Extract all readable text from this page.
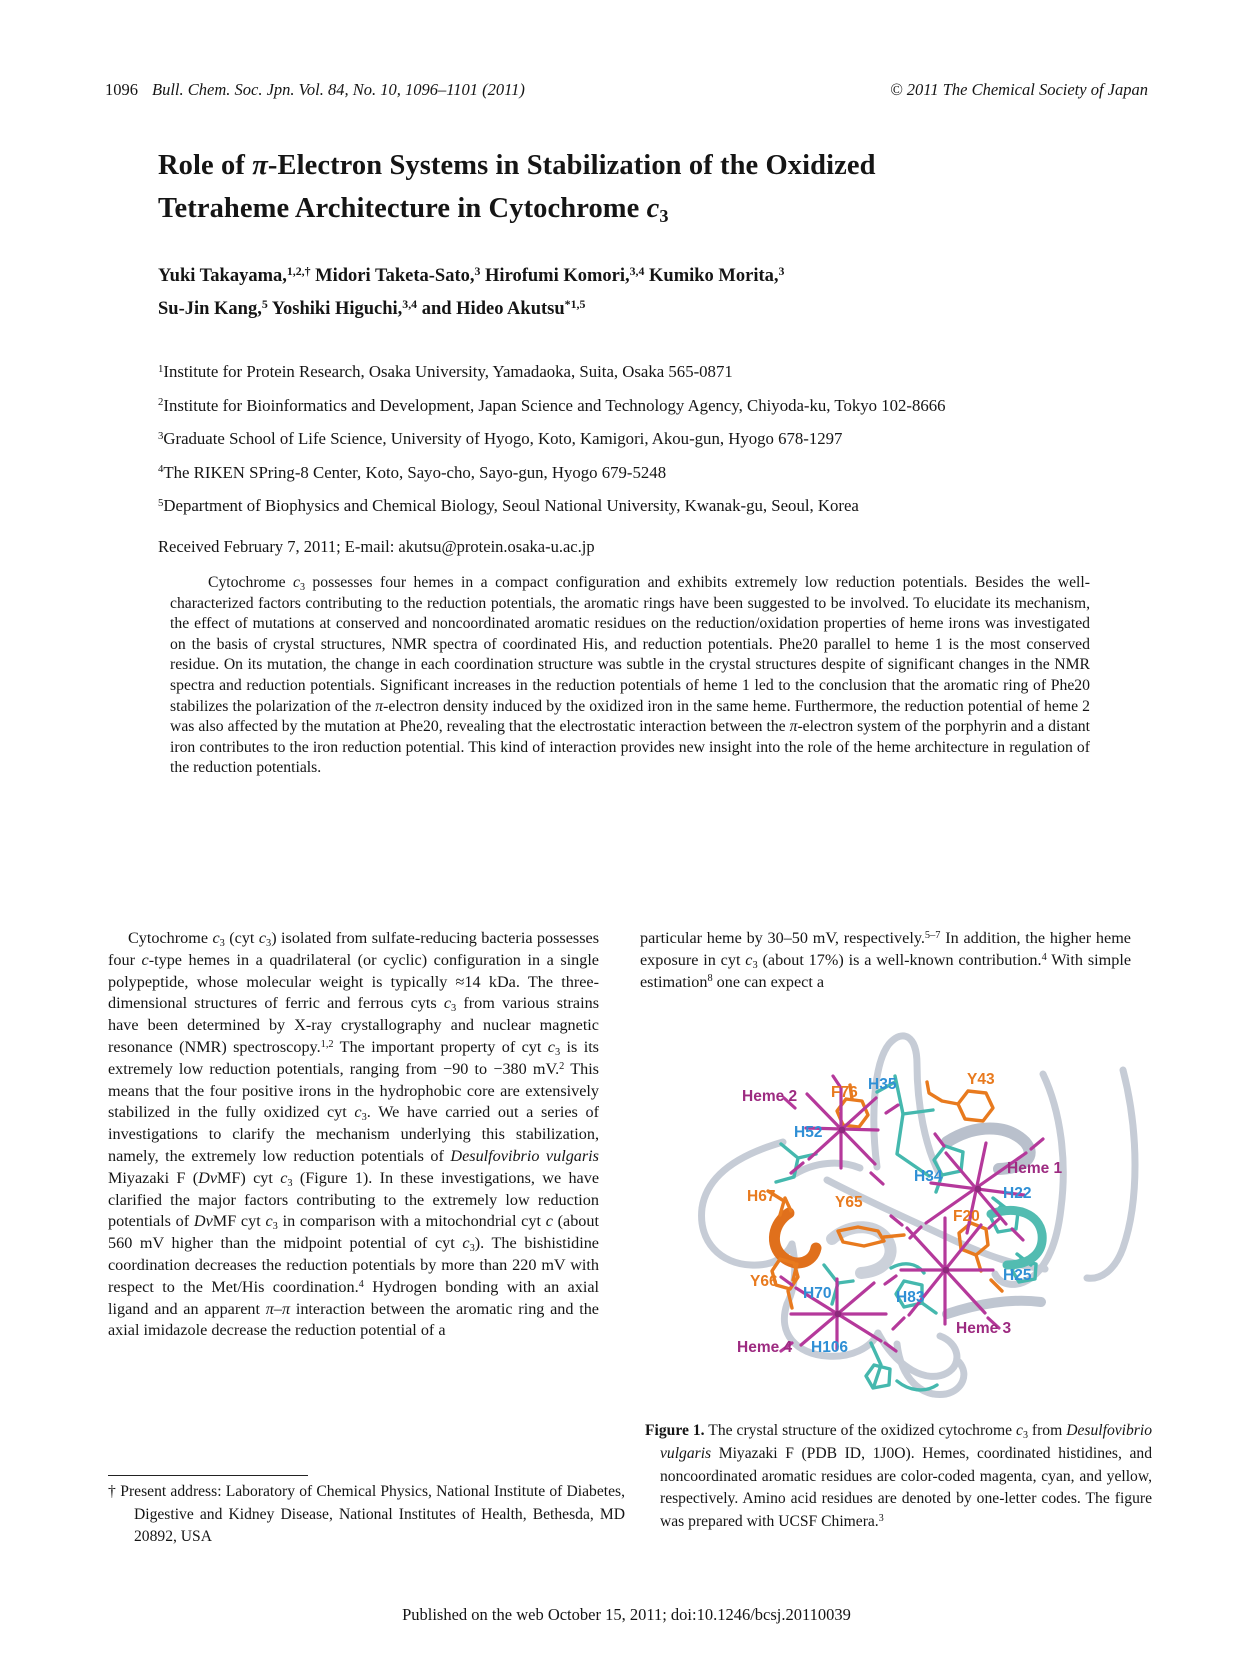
1096 Bull. Chem. Soc. Jpn. Vol. 84, No. 10, 1096–1101 (2011)	© 2011 The Chemical Society of Japan
Role of π-Electron Systems in Stabilization of the Oxidized
Tetraheme Architecture in Cytochrome $c_3$
Yuki Takayama,$^{1,2,\dagger}$ Midori Taketa-Sato,$^3$ Hirofumi Komori,$^{3,4}$ Kumiko Morita,$^3$
Su-Jin Kang,$^5$ Yoshiki Higuchi,$^{3,4}$ and Hideo Akutsu$^{*1,5}$
$^1$Institute for Protein Research, Osaka University, Yamadaoka, Suita, Osaka 565-0871
$^2$Institute for Bioinformatics and Development, Japan Science and Technology Agency, Chiyoda-ku, Tokyo 102-8666
$^3$Graduate School of Life Science, University of Hyogo, Koto, Kamigori, Akou-gun, Hyogo 678-1297
$^4$The RIKEN SPring-8 Center, Koto, Sayo-cho, Sayo-gun, Hyogo 679-5248
$^5$Department of Biophysics and Chemical Biology, Seoul National University, Kwanak-gu, Seoul, Korea
Received February 7, 2011; E-mail: akutsu@protein.osaka-u.ac.jp
Cytochrome $c_3$ possesses four hemes in a compact configuration and exhibits extremely low reduction potentials. Besides the well-characterized factors contributing to the reduction potentials, the aromatic rings have been suggested to be involved. To elucidate its mechanism, the effect of mutations at conserved and noncoordinated aromatic residues on the reduction/oxidation properties of heme irons was investigated on the basis of crystal structures, NMR spectra of coordinated His, and reduction potentials. Phe20 parallel to heme 1 is the most conserved residue. On its mutation, the change in each coordination structure was subtle in the crystal structures despite of significant changes in the NMR spectra and reduction potentials. Significant increases in the reduction potentials of heme 1 led to the conclusion that the aromatic ring of Phe20 stabilizes the polarization of the π-electron density induced by the oxidized iron in the same heme. Furthermore, the reduction potential of heme 2 was also affected by the mutation at Phe20, revealing that the electrostatic interaction between the π-electron system of the porphyrin and a distant iron contributes to the iron reduction potential. This kind of interaction provides new insight into the role of the heme architecture in regulation of the reduction potentials.
Cytochrome $c_3$ (cyt $c_3$) isolated from sulfate-reducing bacteria possesses four c-type hemes in a quadrilateral (or cyclic) configuration in a single polypeptide, whose molecular weight is typically ≈14 kDa. The three-dimensional structures of ferric and ferrous cyts $c_3$ from various strains have been determined by X-ray crystallography and nuclear magnetic resonance (NMR) spectroscopy.$^{1,2}$ The important property of cyt $c_3$ is its extremely low reduction potentials, ranging from −90 to −380 mV.$^2$ This means that the four positive irons in the hydrophobic core are extensively stabilized in the fully oxidized cyt $c_3$. We have carried out a series of investigations to clarify the mechanism underlying this stabilization, namely, the extremely low reduction potentials of Desulfovibrio vulgaris Miyazaki F (DvMF) cyt $c_3$ (Figure 1). In these investigations, we have clarified the major factors contributing to the extremely low reduction potentials of DvMF cyt $c_3$ in comparison with a mitochondrial cyt c (about 560 mV higher than the midpoint potential of cyt $c_3$). The bishistidine coordination decreases the reduction potentials by more than 220 mV with respect to the Met/His coordination.$^4$ Hydrogen bonding with an axial ligand and an apparent π–π interaction between the aromatic ring and the axial imidazole decrease the reduction potential of a
particular heme by 30–50 mV, respectively.$^{5-7}$ In addition, the higher heme exposure in cyt $c_3$ (about 17%) is a well-known contribution.$^4$ With simple estimation$^8$ one can expect a
Heme 2 F76 H35	Y43
H52
H34	Heme 1
H22
H67	Y65
F20
Y66
H70	H83
H25
Heme 3
Heme 4 H106
Figure 1. The crystal structure of the oxidized cytochrome $c_3$ from Desulfovibrio vulgaris Miyazaki F (PDB ID, 1J0O). Hemes, coordinated histidines, and noncoordinated aromatic residues are color-coded magenta, cyan, and yellow, respectively. Amino acid residues are denoted by one-letter codes. The figure was prepared with UCSF Chimera.$^3$
† Present address: Laboratory of Chemical Physics, National Institute of Diabetes, Digestive and Kidney Disease, National Institutes of Health, Bethesda, MD 20892, USA
Published on the web October 15, 2011; doi:10.1246/bcsj.20110039
